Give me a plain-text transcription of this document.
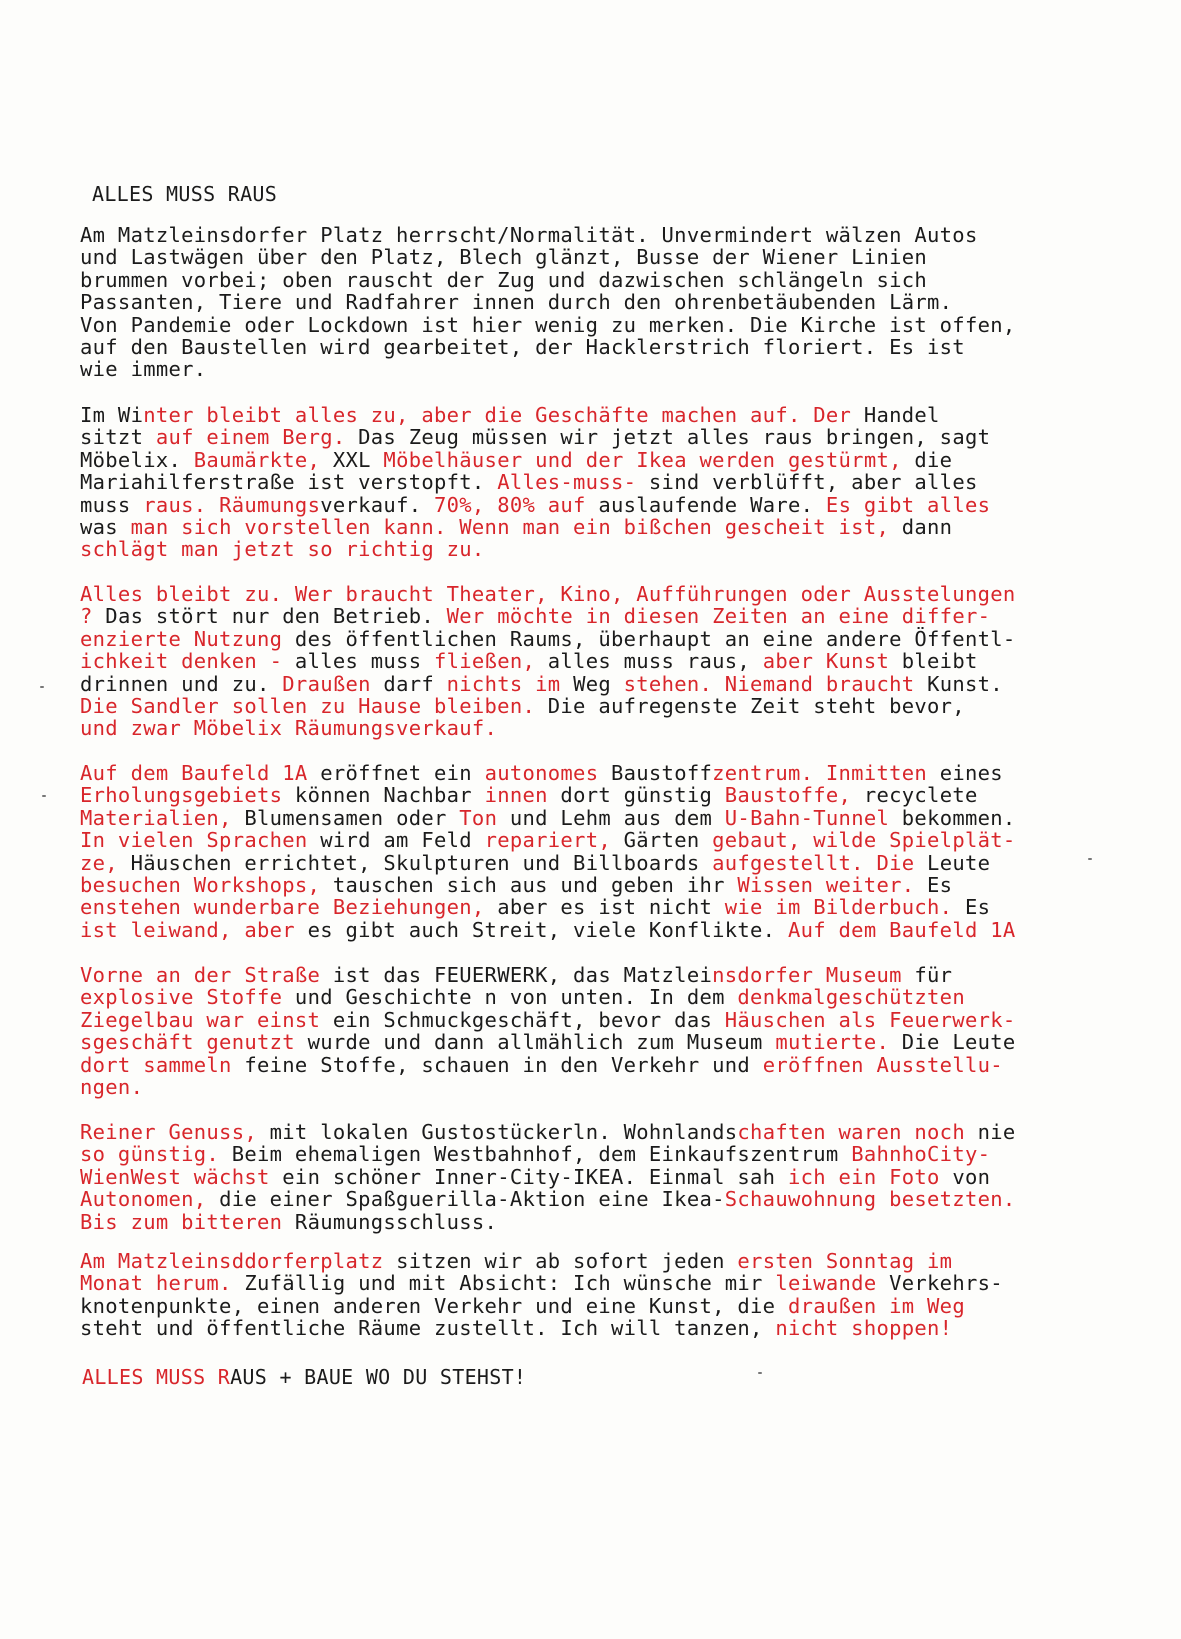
ALLES MUSS RAUS
Am Matzleinsdorfer Platz herrscht/Normalität. Unvermindert wälzen Autos
und Lastwägen über den Platz, Blech glänzt, Busse der Wiener Linien
brummen vorbei; oben rauscht der Zug und dazwischen schlängeln sich
Passanten, Tiere und Radfahrer innen durch den ohrenbetäubenden Lärm.
Von Pandemie oder Lockdown ist hier wenig zu merken. Die Kirche ist offen,
auf den Baustellen wird gearbeitet, der Hacklerstrich floriert. Es ist
wie immer.
Im Winter bleibt alles zu, aber die Geschäfte machen auf. Der Handel
sitzt auf einem Berg. Das Zeug müssen wir jetzt alles raus bringen, sagt
Möbelix. Baumärkte, XXL Möbelhäuser und der Ikea werden gestürmt, die
Mariahilferstraße ist verstopft. Alles-muss- sind verblüfft, aber alles
muss raus. Räumungsverkauf. 70%, 80% auf auslaufende Ware. Es gibt alles
was man sich vorstellen kann. Wenn man ein bißchen gescheit ist, dann
schlägt man jetzt so richtig zu.
Alles bleibt zu. Wer braucht Theater, Kino, Aufführungen oder Ausstelungen
? Das stört nur den Betrieb. Wer möchte in diesen Zeiten an eine differ-
enzierte Nutzung des öffentlichen Raums, überhaupt an eine andere Öffentl-
ichkeit denken - alles muss fließen, alles muss raus, aber Kunst bleibt
drinnen und zu. Draußen darf nichts im Weg stehen. Niemand braucht Kunst.
Die Sandler sollen zu Hause bleiben. Die aufregenste Zeit steht bevor,
und zwar Möbelix Räumungsverkauf.
Auf dem Baufeld 1A eröffnet ein autonomes Baustoffzentrum. Inmitten eines
Erholungsgebiets können Nachbar innen dort günstig Baustoffe, recyclete
Materialien, Blumensamen oder Ton und Lehm aus dem U-Bahn-Tunnel bekommen.
In vielen Sprachen wird am Feld repariert, Gärten gebaut, wilde Spielplät-
ze, Häuschen errichtet, Skulpturen und Billboards aufgestellt. Die Leute
besuchen Workshops, tauschen sich aus und geben ihr Wissen weiter. Es
enstehen wunderbare Beziehungen, aber es ist nicht wie im Bilderbuch. Es
ist leiwand, aber es gibt auch Streit, viele Konflikte. Auf dem Baufeld 1A
Vorne an der Straße ist das FEUERWERK, das Matzleinsdorfer Museum für
explosive Stoffe und Geschichte n von unten. In dem denkmalgeschützten
Ziegelbau war einst ein Schmuckgeschäft, bevor das Häuschen als Feuerwerk-
sgeschäft genutzt wurde und dann allmählich zum Museum mutierte. Die Leute
dort sammeln feine Stoffe, schauen in den Verkehr und eröffnen Ausstellu-
ngen.
Reiner Genuss, mit lokalen Gustostückerln. Wohnlandschaften waren noch nie
so günstig. Beim ehemaligen Westbahnhof, dem Einkaufszentrum BahnhoCity-
WienWest wächst ein schöner Inner-City-IKEA. Einmal sah ich ein Foto von
Autonomen, die einer Spaßguerilla-Aktion eine Ikea-Schauwohnung besetzten.
Bis zum bitteren Räumungsschluss.
Am Matzleinsddorferplatz sitzen wir ab sofort jeden ersten Sonntag im
Monat herum. Zufällig und mit Absicht: Ich wünsche mir leiwande Verkehrs-
knotenpunkte, einen anderen Verkehr und eine Kunst, die draußen im Weg
steht und öffentliche Räume zustellt. Ich will tanzen, nicht shoppen!
ALLES MUSS RAUS + BAUE WO DU STEHST!
